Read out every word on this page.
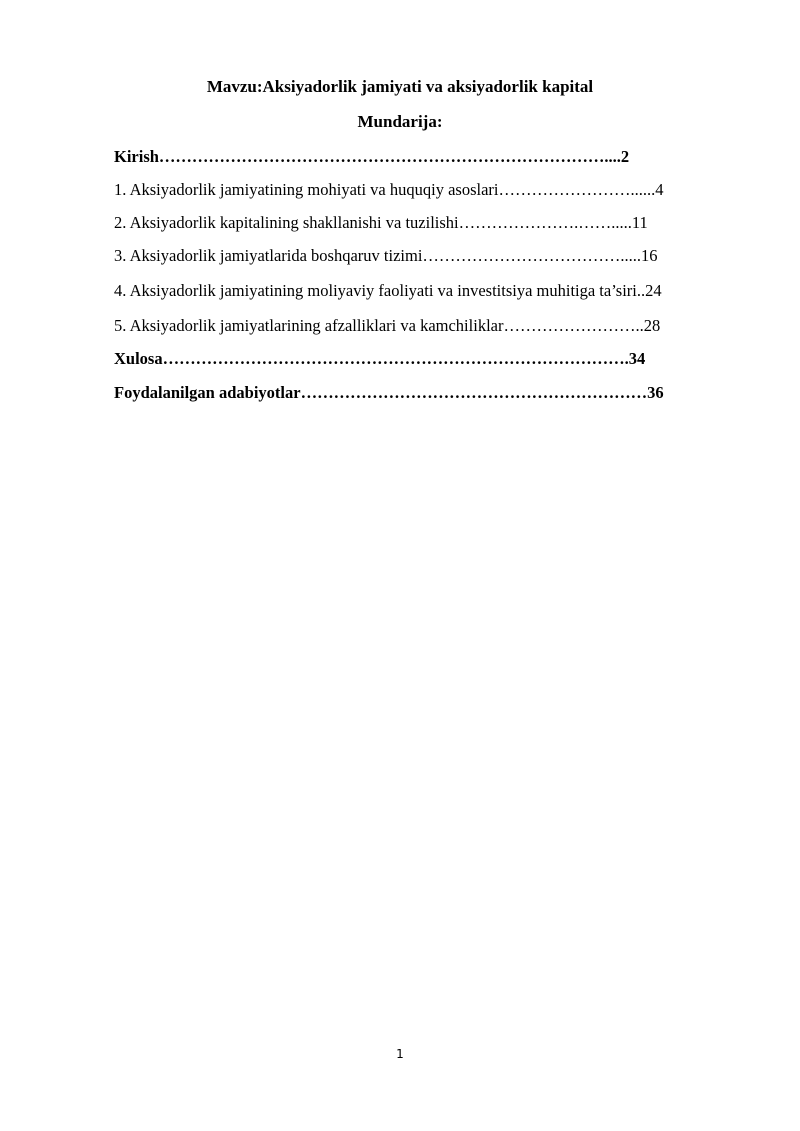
Mavzu:Aksiyadorlik jamiyati va aksiyadorlik kapital
Mundarija:
Kirish………………………………………………………………………....2
1. Aksiyadorlik jamiyatining mohiyati va huquqiy asoslari……………………......4
2. Aksiyadorlik kapitalining shakllanishi va tuzilishi………………….…….....11
3. Aksiyadorlik jamiyatlarida boshqaruv tizimi……………………………….....16
4. Aksiyadorlik jamiyatining moliyaviy faoliyati va investitsiya muhitiga ta’siri..24
5. Aksiyadorlik jamiyatlarining afzalliklari va kamchiliklar……………………..28
Xulosa………………………………………………………………………….34
Foydalanilgan adabiyotlar………………………………………………………36
1
